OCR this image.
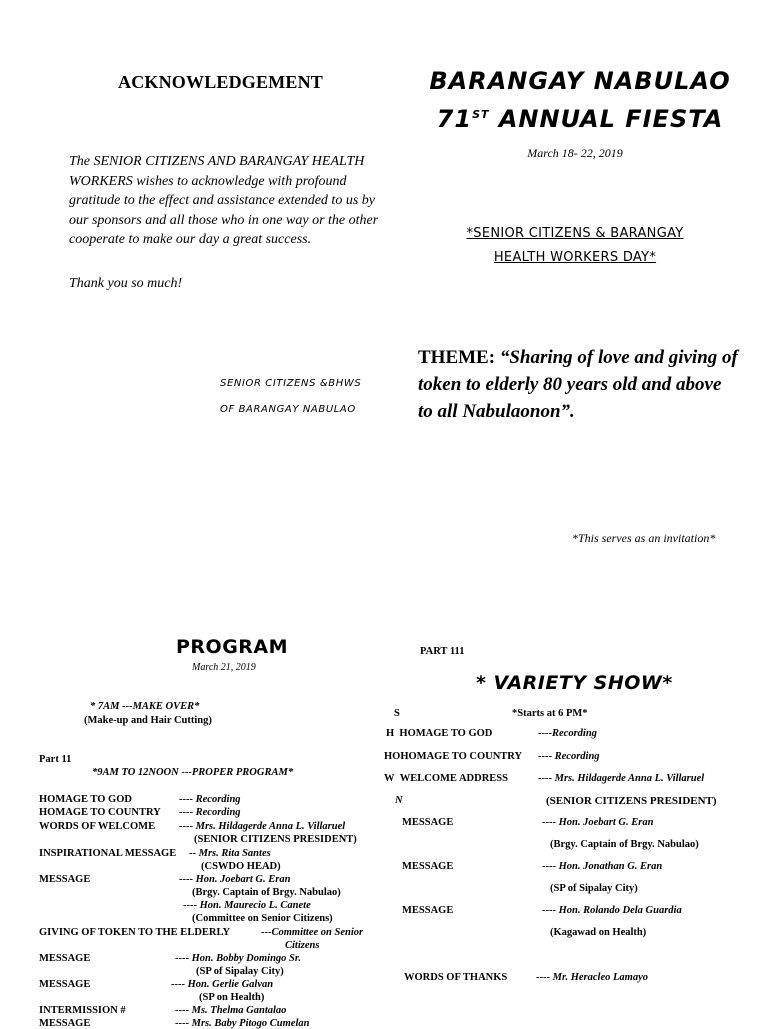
ACKNOWLEDGEMENT
The SENIOR CITIZENS AND BARANGAY HEALTH WORKERS wishes to acknowledge with profound gratitude to the effect and assistance extended to us by our sponsors and all those who in one way or the other cooperate to make our day a great success.
Thank you so much!
SENIOR CITIZENS &BHWS
OF BARANGAY NABULAO
BARANGAY NABULAO
71ST ANNUAL FIESTA
March 18- 22, 2019
*SENIOR CITIZENS & BARANGAY
HEALTH WORKERS DAY*
THEME: “Sharing of love and giving of token to elderly 80 years old and above to all Nabulaonon”.
*This serves as an invitation*
PROGRAM
March 21, 2019
* 7AM ---MAKE OVER*
(Make-up and Hair Cutting)
Part 11
*9AM TO 12NOON ---PROPER PROGRAM*
HOMAGE TO GOD	---- Recording
HOMAGE TO COUNTRY ---- Recording
WORDS OF WELCOME ---- Mrs. Hildagerde Anna L. Villaruel
(SENIOR CITIZENS PRESIDENT)
INSPIRATIONAL MESSAGE -- Mrs. Rita Santes
(CSWDO HEAD)
MESSAGE	---- Hon. Joebart G. Eran
(Brgy. Captain of Brgy. Nabulao)
---- Hon. Maurecio L. Canete
(Committee on Senior Citizens)
GIVING OF TOKEN TO THE ELDERLY	---Committee on Senior
Citizens
MESSAGE	---- Hon. Bobby Domingo Sr.
(SP of Sipalay City)
MESSAGE	---- Hon. Gerlie Galvan
(SP on Health)
INTERMISSION #	---- Ms. Thelma Gantalao
MESSAGE	---- Mrs. Baby Pitogo Cumelan
PART 111
* VARIETY SHOW*
S	*Starts at 6 PM*
H HOMAGE TO GOD	----Recording
HOHOMAGE TO COUNTRY ---- Recording
W WELCOME ADDRESS	---- Mrs. Hildagerde Anna L. Villaruel
N	(SENIOR CITIZENS PRESIDENT)
MESSAGE	---- Hon. Joebart G. Eran
(Brgy. Captain of Brgy. Nabulao)
MESSAGE	---- Hon. Jonathan G. Eran
(SP of Sipalay City)
MESSAGE	---- Hon. Rolando Dela Guardia
(Kagawad on Health)
WORDS OF THANKS	---- Mr. Heracleo Lamayo
